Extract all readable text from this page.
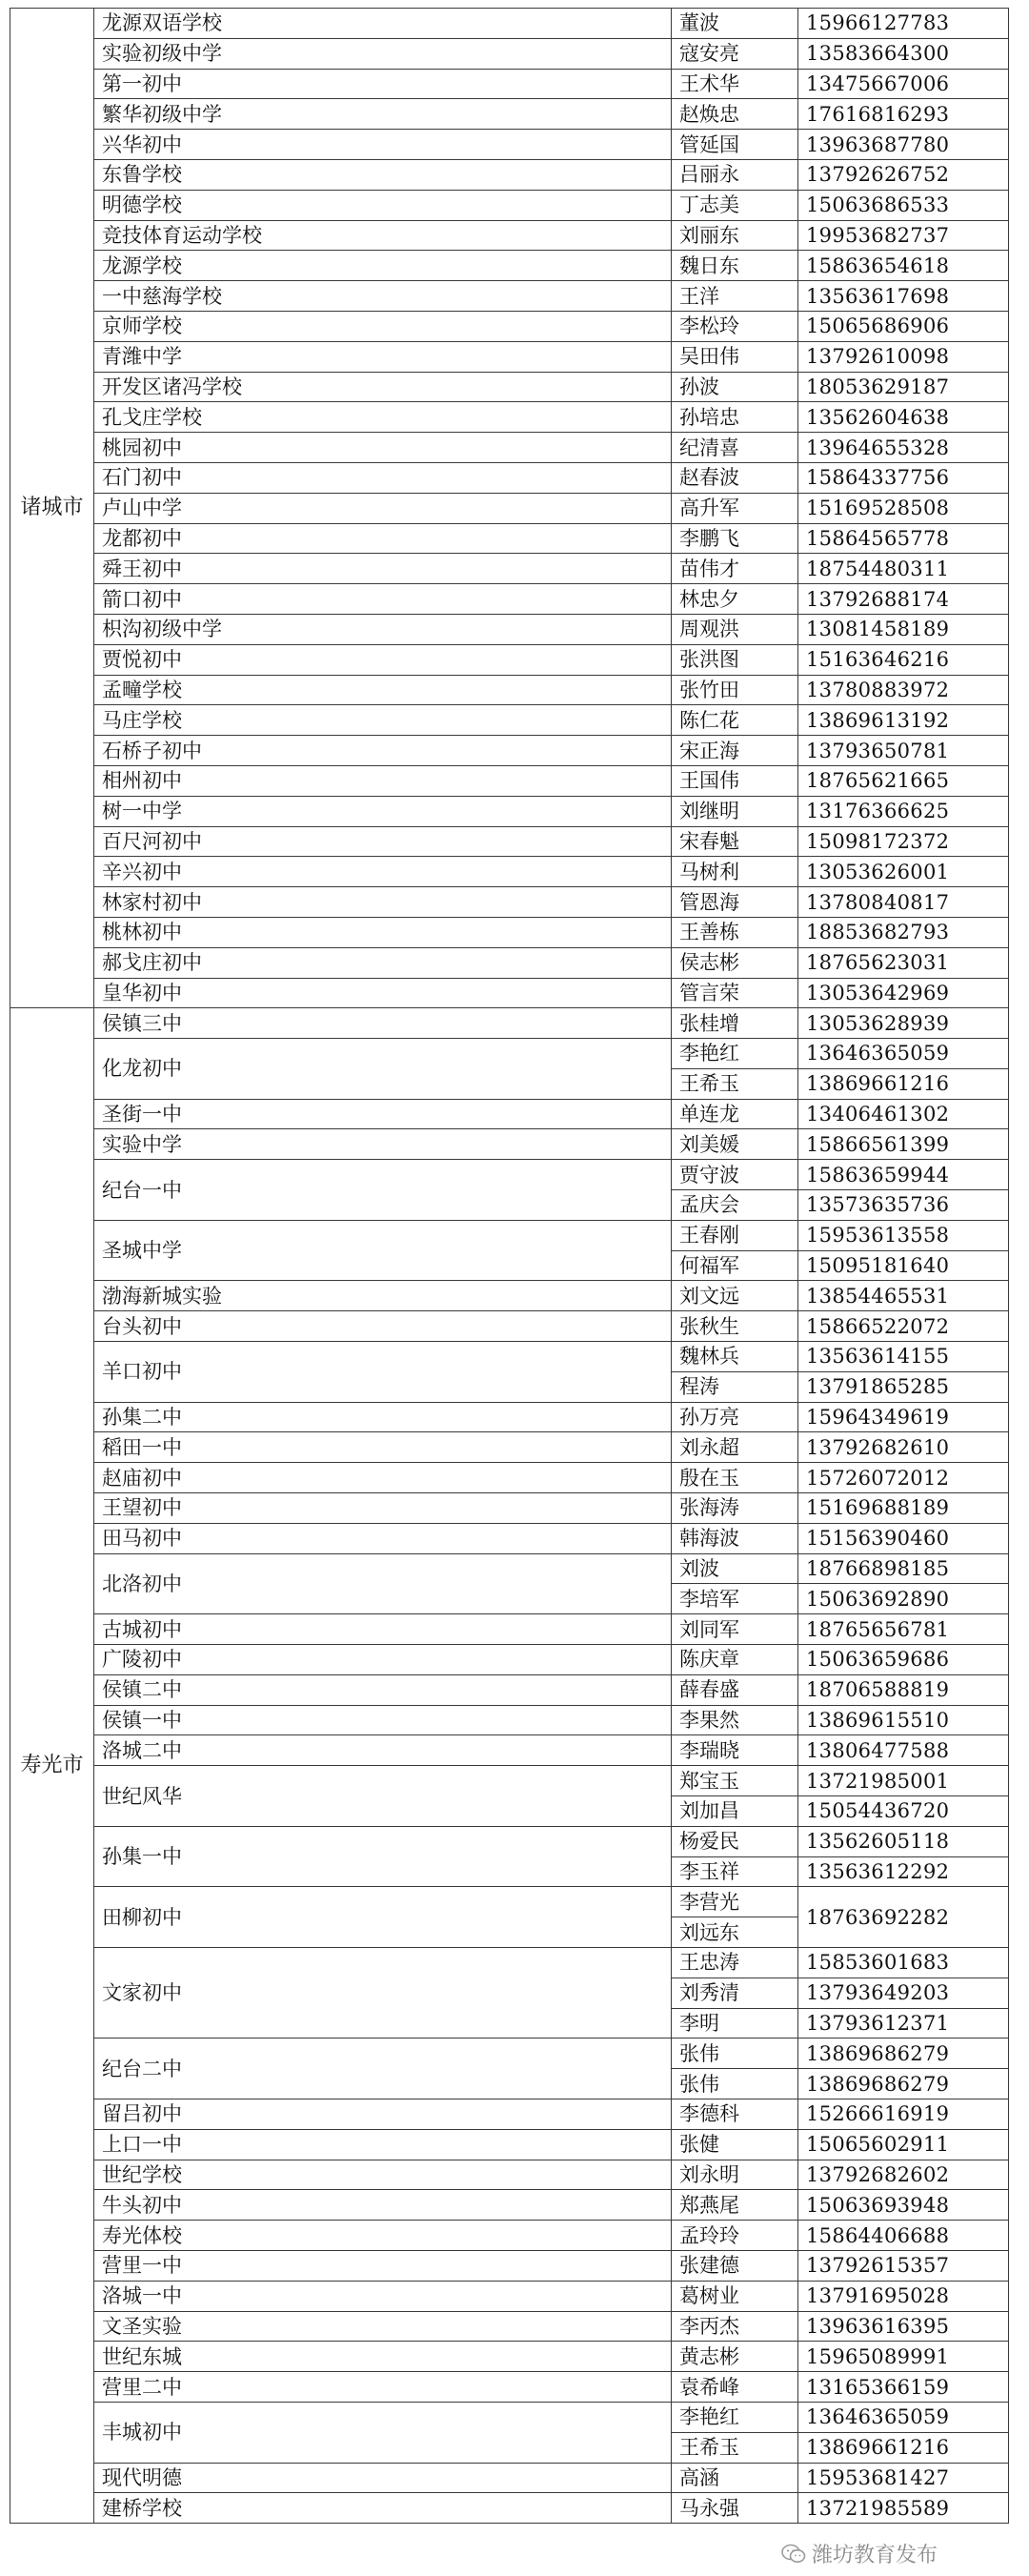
诸城市	龙源双语学校	董波	15966127783
	实验初级中学	寇安亮	13583664300
	第一初中	王术华	13475667006
	繁华初级中学	赵焕忠	17616816293
	兴华初中	管延国	13963687780
	东鲁学校	吕丽永	13792626752
	明德学校	丁志美	15063686533
	竞技体育运动学校	刘丽东	19953682737
	龙源学校	魏日东	15863654618
	一中慈海学校	王洋	13563617698
	京师学校	李松玲	15065686906
	青潍中学	吴田伟	13792610098
	开发区诸冯学校	孙波	18053629187
	孔戈庄学校	孙培忠	13562604638
	桃园初中	纪清喜	13964655328
	石门初中	赵春波	15864337756
	卢山中学	高升军	15169528508
	龙都初中	李鹏飞	15864565778
	舜王初中	苗伟才	18754480311
	箭口初中	林忠夕	13792688174
	枳沟初级中学	周观洪	13081458189
	贾悦初中	张洪图	15163646216
	孟疃学校	张竹田	13780883972
	马庄学校	陈仁花	13869613192
	石桥子初中	宋正海	13793650781
	相州初中	王国伟	18765621665
	树一中学	刘继明	13176366625
	百尺河初中	宋春魁	15098172372
	辛兴初中	马树利	13053626001
	林家村初中	管恩海	13780840817
	桃林初中	王善栋	18853682793
	郝戈庄初中	侯志彬	18765623031
	皇华初中	管言荣	13053642969
寿光市	侯镇三中	张桂增	13053628939
	化龙初中	李艳红	13646365059
		王希玉	13869661216
	圣街一中	单连龙	13406461302
	实验中学	刘美媛	15866561399
	纪台一中	贾守波	15863659944
		孟庆会	13573635736
	圣城中学	王春刚	15953613558
		何福军	15095181640
	渤海新城实验	刘文远	13854465531
	台头初中	张秋生	15866522072
	羊口初中	魏林兵	13563614155
		程涛	13791865285
	孙集二中	孙万亮	15964349619
	稻田一中	刘永超	13792682610
	赵庙初中	殷在玉	15726072012
	王望初中	张海涛	15169688189
	田马初中	韩海波	15156390460
	北洛初中	刘波	18766898185
		李培军	15063692890
	古城初中	刘同军	18765656781
	广陵初中	陈庆章	15063659686
	侯镇二中	薛春盛	18706588819
	侯镇一中	李果然	13869615510
	洛城二中	李瑞晓	13806477588
	世纪风华	郑宝玉	13721985001
		刘加昌	15054436720
	孙集一中	杨爱民	13562605118
		李玉祥	13563612292
	田柳初中	李营光	18763692282
		刘远东	
	文家初中	王忠涛	15853601683
		刘秀清	13793649203
		李明	13793612371
	纪台二中	张伟	13869686279
		张伟	13869686279
	留吕初中	李德科	15266616919
	上口一中	张健	15065602911
	世纪学校	刘永明	13792682602
	牛头初中	郑燕尾	15063693948
	寿光体校	孟玲玲	15864406688
	营里一中	张建德	13792615357
	洛城一中	葛树业	13791695028
	文圣实验	李丙杰	13963616395
	世纪东城	黄志彬	15965089991
	营里二中	袁希峰	13165366159
	丰城初中	李艳红	13646365059
		王希玉	13869661216
	现代明德	高涵	15953681427
	建桥学校	马永强	13721985589
潍坊教育发布
